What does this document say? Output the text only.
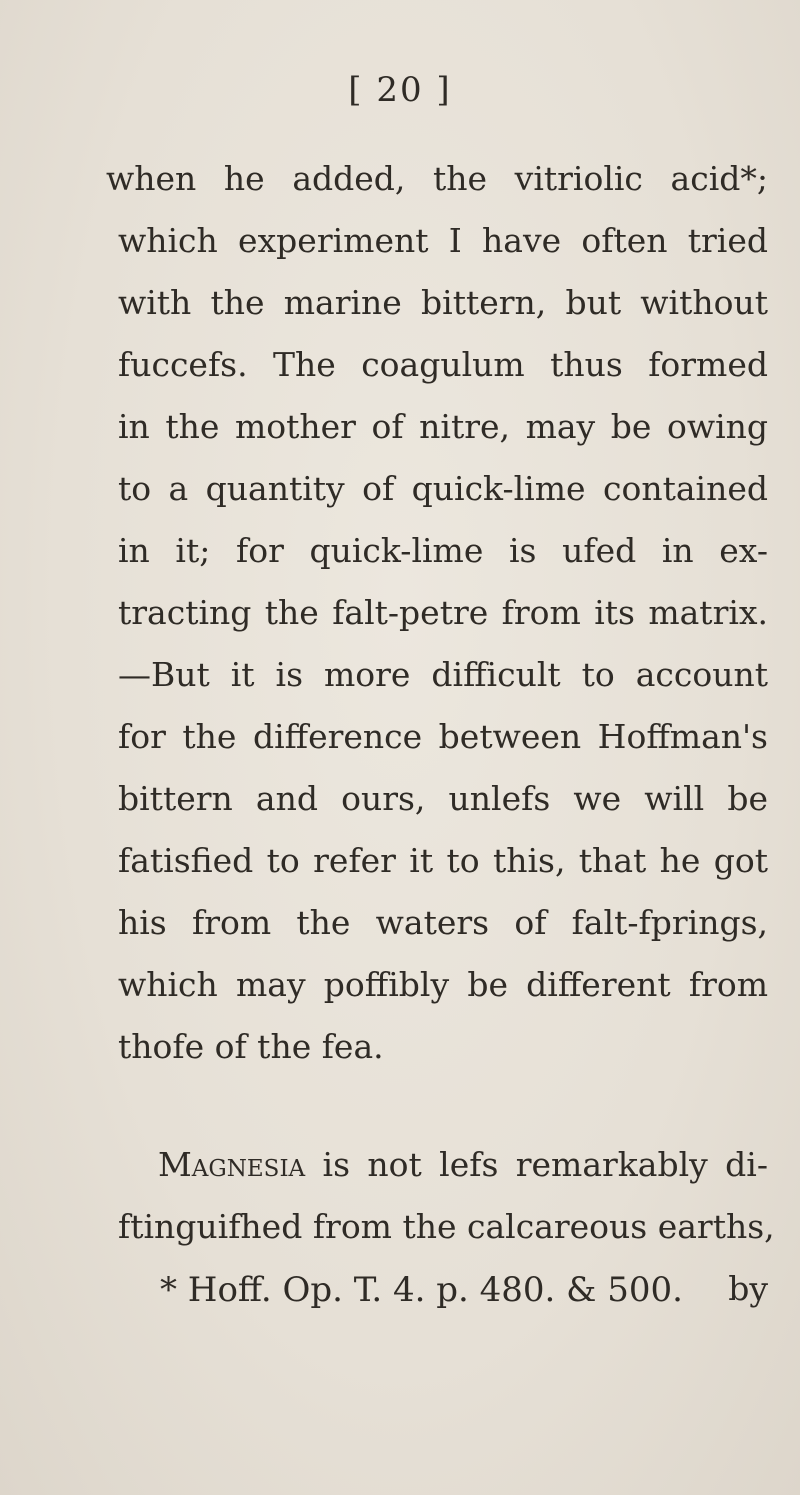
[ 20 ]
when he added, the vitriolic acid*;
which experiment I have often tried
with the marine bittern, but without
fuccefs. The coagulum thus formed
in the mother of nitre, may be owing
to a quantity of quick-lime contained
in it; for quick-lime is ufed in ex-
tracting the falt-petre from its matrix.
—But it is more difficult to account
for the difference between Hoffman's
bittern and ours, unlefs we will be
fatisfied to refer it to this, that he got
his from the waters of falt-fprings,
which may poffibly be different from
thofe of the fea.
Magnesia is not lefs remarkably di-
ftinguifhed from the calcareous earths,
by
* Hoff. Op. T. 4. p. 480. & 500.
